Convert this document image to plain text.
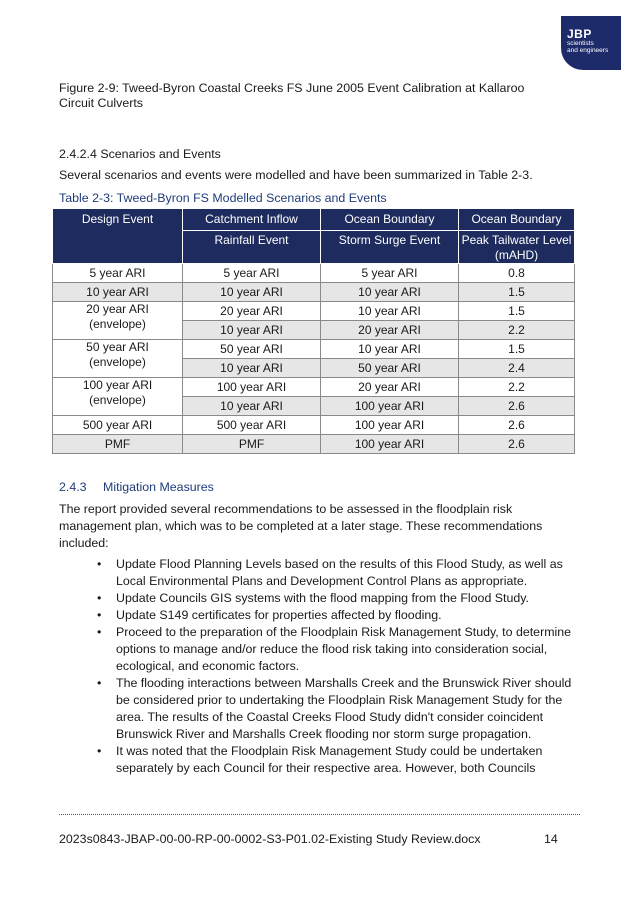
JBP
scientists
and engineers
Figure 2-9: Tweed-Byron Coastal Creeks FS June 2005 Event Calibration at Kallaroo Circuit Culverts
2.4.2.4 Scenarios and Events
Several scenarios and events were modelled and have been summarized in Table 2-3.
Table 2-3: Tweed-Byron FS Modelled Scenarios and Events
Design Event	Catchment Inflow	Ocean Boundary	Ocean Boundary
	Rainfall Event	Storm Surge Event	Peak Tailwater Level (mAHD)
5 year ARI	5 year ARI	5 year ARI	0.8
10 year ARI	10 year ARI	10 year ARI	1.5
20 year ARI
(envelope)	20 year ARI	10 year ARI	1.5
	10 year ARI	20 year ARI	2.2
50 year ARI
(envelope)	50 year ARI	10 year ARI	1.5
	10 year ARI	50 year ARI	2.4
100 year ARI
(envelope)	100 year ARI	20 year ARI	2.2
	10 year ARI	100 year ARI	2.6
500 year ARI	500 year ARI	100 year ARI	2.6
PMF	PMF	100 year ARI	2.6
2.4.3 Mitigation Measures
The report provided several recommendations to be assessed in the floodplain risk management plan, which was to be completed at a later stage. These recommendations included:
• Update Flood Planning Levels based on the results of this Flood Study, as well as Local Environmental Plans and Development Control Plans as appropriate.
• Update Councils GIS systems with the flood mapping from the Flood Study.
• Update S149 certificates for properties affected by flooding.
• Proceed to the preparation of the Floodplain Risk Management Study, to determine options to manage and/or reduce the flood risk taking into consideration social, ecological, and economic factors.
• The flooding interactions between Marshalls Creek and the Brunswick River should be considered prior to undertaking the Floodplain Risk Management Study for the area. The results of the Coastal Creeks Flood Study didn't consider coincident Brunswick River and Marshalls Creek flooding nor storm surge propagation.
• It was noted that the Floodplain Risk Management Study could be undertaken separately by each Council for their respective area. However, both Councils
2023s0843-JBAP-00-00-RP-00-0002-S3-P01.02-Existing Study Review.docx	14
